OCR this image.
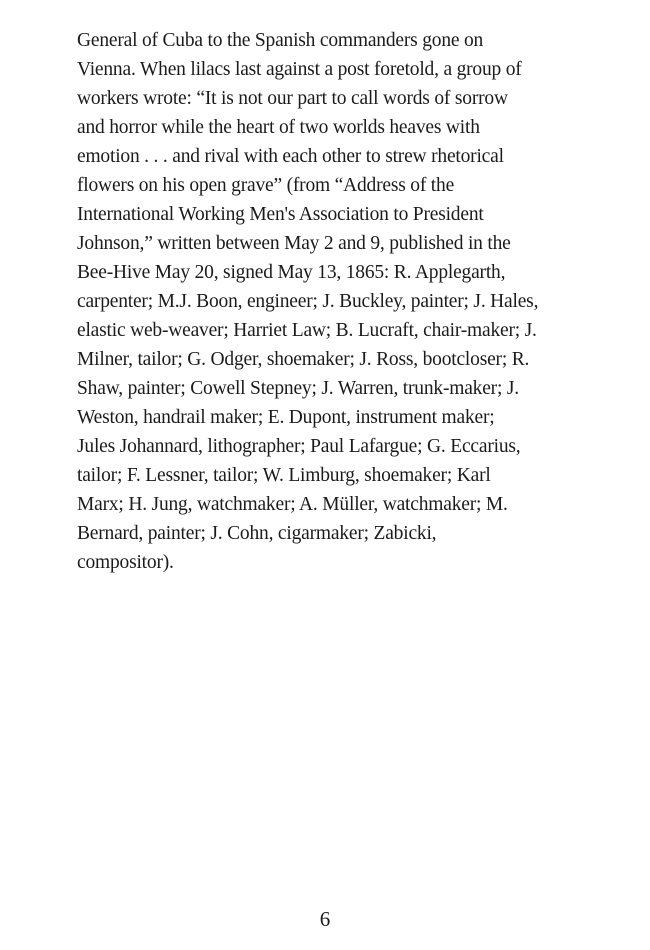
General of Cuba to the Spanish commanders gone on
Vienna. When lilacs last against a post foretold, a group of
workers wrote: “It is not our part to call words of sorrow
and horror while the heart of two worlds heaves with
emotion . . . and rival with each other to strew rhetorical
flowers on his open grave” (from “Address of the
International Working Men's Association to President
Johnson,” written between May 2 and 9, published in the
Bee-Hive May 20, signed May 13, 1865: R. Applegarth,
carpenter; M.J. Boon, engineer; J. Buckley, painter; J. Hales,
elastic web-weaver; Harriet Law; B. Lucraft, chair-maker; J.
Milner, tailor; G. Odger, shoemaker; J. Ross, bootcloser; R.
Shaw, painter; Cowell Stepney; J. Warren, trunk-maker; J.
Weston, handrail maker; E. Dupont, instrument maker;
Jules Johannard, lithographer; Paul Lafargue; G. Eccarius,
tailor; F. Lessner, tailor; W. Limburg, shoemaker; Karl
Marx; H. Jung, watchmaker; A. Müller, watchmaker; M.
Bernard, painter; J. Cohn, cigarmaker; Zabicki,
compositor).
6
